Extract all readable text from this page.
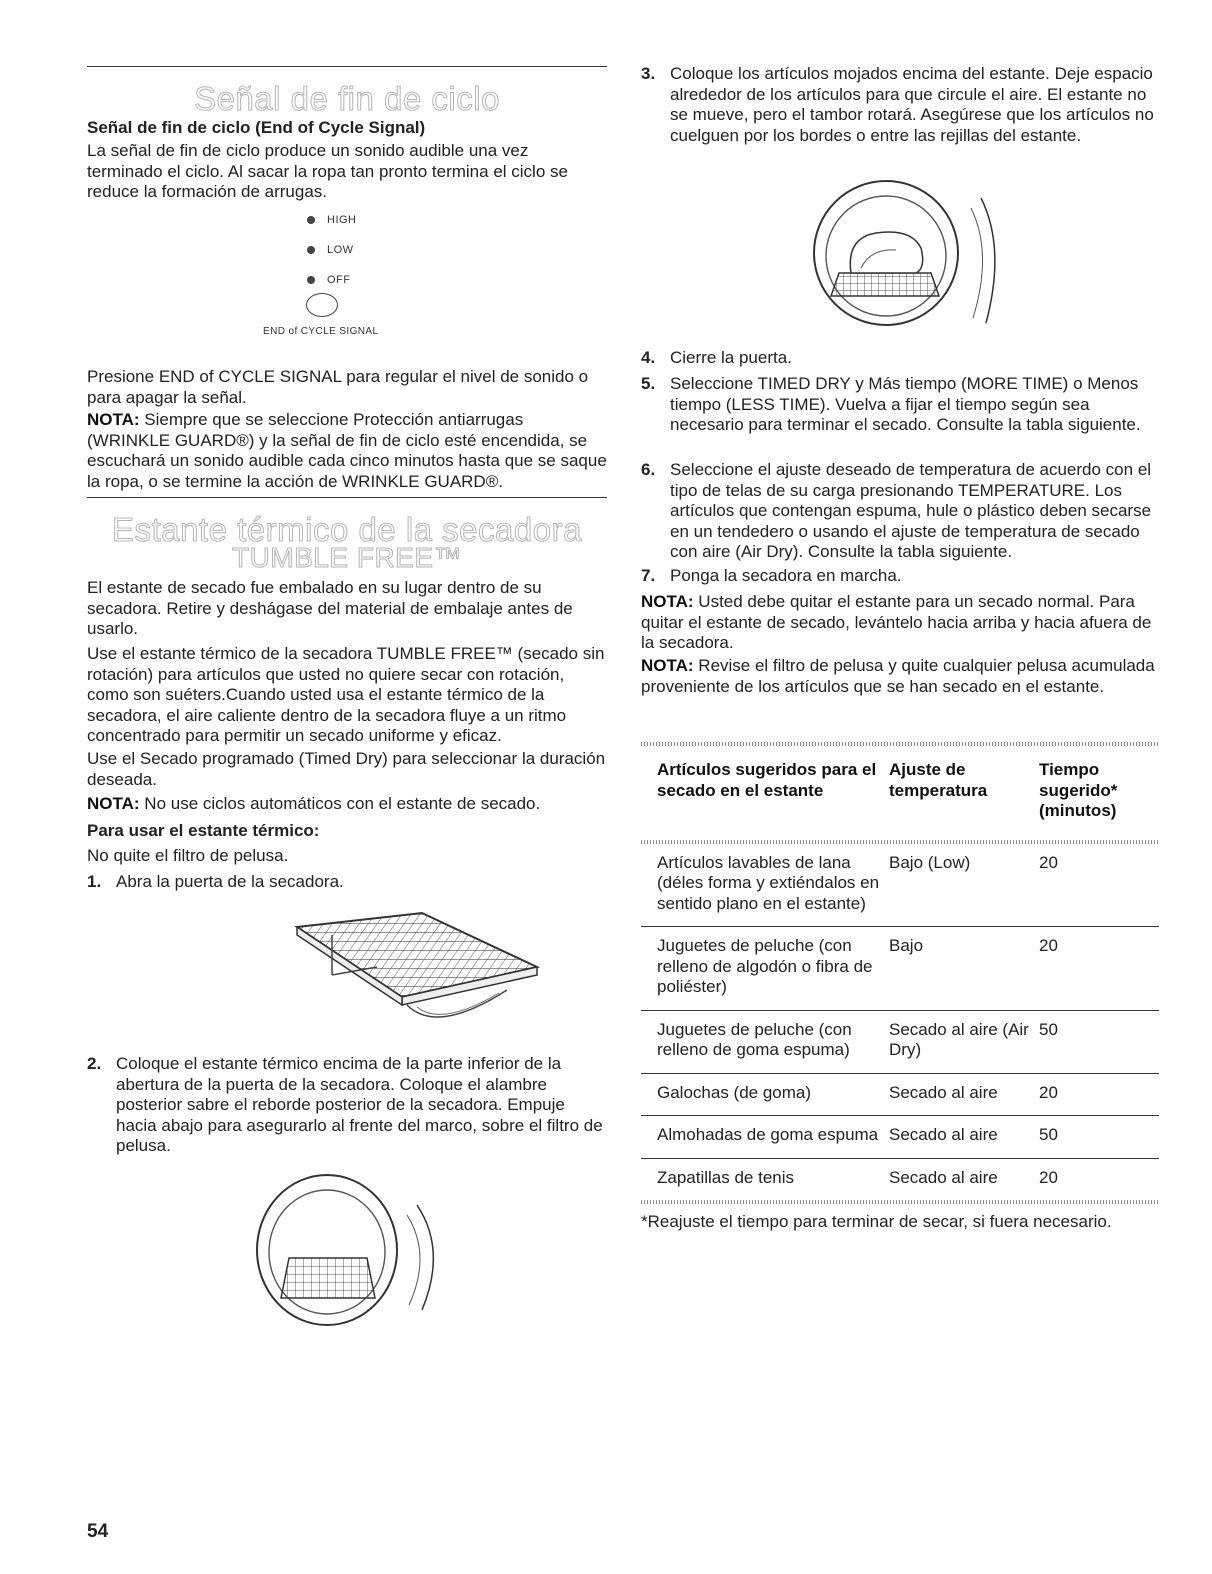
Señal de fin de ciclo

Señal de fin de ciclo (End of Cycle Signal)

La señal de fin de ciclo produce un sonido audible una vez terminado el ciclo. Al sacar la ropa tan pronto termina el ciclo se reduce la formación de arrugas.

HIGH
LOW
OFF
END of CYCLE SIGNAL

Presione END of CYCLE SIGNAL para regular el nivel de sonido o para apagar la señal.

NOTA: Siempre que se seleccione Protección antiarrugas (WRINKLE GUARD®) y la señal de fin de ciclo esté encendida, se escuchará un sonido audible cada cinco minutos hasta que se saque la ropa, o se termine la acción de WRINKLE GUARD®.

Estante térmico de la secadora
TUMBLE FREE™

El estante de secado fue embalado en su lugar dentro de su secadora. Retire y deshágase del material de embalaje antes de usarlo.

Use el estante térmico de la secadora TUMBLE FREE™ (secado sin rotación) para artículos que usted no quiere secar con rotación, como son suéters.Cuando usted usa el estante térmico de la secadora, el aire caliente dentro de la secadora fluye a un ritmo concentrado para permitir un secado uniforme y eficaz.

Use el Secado programado (Timed Dry) para seleccionar la duración deseada.

NOTA: No use ciclos automáticos con el estante de secado.

Para usar el estante térmico:

No quite el filtro de pelusa.

1. Abra la puerta de la secadora.

2. Coloque el estante térmico encima de la parte inferior de la abertura de la puerta de la secadora. Coloque el alambre posterior sabre el reborde posterior de la secadora. Empuje hacia abajo para asegurarlo al frente del marco, sobre el filtro de pelusa.

54

3. Coloque los artículos mojados encima del estante. Deje espacio alrededor de los artículos para que circule el aire. El estante no se mueve, pero el tambor rotará. Asegúrese que los artículos no cuelguen por los bordes o entre las rejillas del estante.

4. Cierre la puerta.

5. Seleccione TIMED DRY y Más tiempo (MORE TIME) o Menos tiempo (LESS TIME). Vuelva a fijar el tiempo según sea necesario para terminar el secado. Consulte la tabla siguiente.

6. Seleccione el ajuste deseado de temperatura de acuerdo con el tipo de telas de su carga presionando TEMPERATURE. Los artículos que contengan espuma, hule o plástico deben secarse en un tendedero o usando el ajuste de temperatura de secado con aire (Air Dry). Consulte la tabla siguiente.

7. Ponga la secadora en marcha.

NOTA: Usted debe quitar el estante para un secado normal. Para quitar el estante de secado, levántelo hacia arriba y hacia afuera de la secadora.

NOTA: Revise el filtro de pelusa y quite cualquier pelusa acumulada proveniente de los artículos que se han secado en el estante.

Artículos sugeridos para el secado en el estante	Ajuste de temperatura	Tiempo sugerido* (minutos)

Artículos lavables de lana (déles forma y extiéndalos en sentido plano en el estante)	Bajo (Low)	20
Juguetes de peluche (con relleno de algodón o fibra de poliéster)	Bajo	20
Juguetes de peluche (con relleno de goma espuma)	Secado al aire (Air Dry)	50
Galochas (de goma)	Secado al aire	20
Almohadas de goma espuma	Secado al aire	50
Zapatillas de tenis	Secado al aire	20

*Reajuste el tiempo para terminar de secar, si fuera necesario.
